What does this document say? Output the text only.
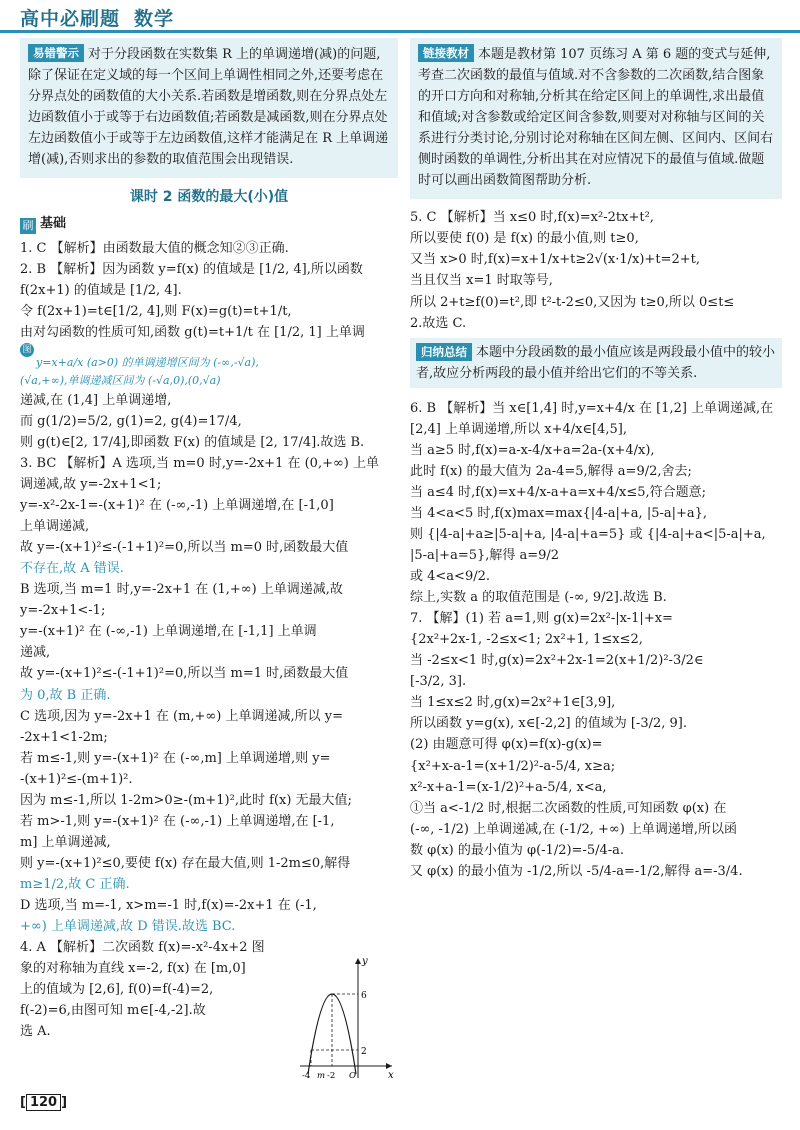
高中必刷题 数学
易错警示 对于分段函数在实数集 R 上的单调递增(减)的问题,除了保证在定义域的每一个区间上单调性相同之外,还要考虑在分界点处的函数值的大小关系.若函数是增函数,则在分界点处左边函数值小于或等于右边函数值;若函数是减函数,则在分界点处左边函数值小于或等于左边函数值,这样才能满足在 R 上单调递增(减),否则求出的参数的取值范围会出现错误.
课时 2 函数的最大(小)值
刷 基础
1. C 【解析】由函数最大值的概念知②③正确.
2. B 【解析】因为函数 y=f(x) 的值域是 [1/2, 4],所以函数
f(2x+1) 的值域是 [1/2, 4].
令 f(2x+1)=t∈[1/2, 4],则 F(x)=g(t)=t+1/t,
由对勾函数的性质可知,函数 g(t)=t+1/t 在 [1/2, 1] 上单调
图解 y=x+a/x (a>0) 的单调递增区间为 (-∞,-√a),
(√a,+∞),单调递减区间为 (-√a,0),(0,√a)
递减,在 (1,4] 上单调递增,
而 g(1/2)=5/2, g(1)=2, g(4)=17/4,
则 g(t)∈[2, 17/4],即函数 F(x) 的值域是 [2, 17/4].故选 B.
3. BC 【解析】A 选项,当 m=0 时,y=-2x+1 在 (0,+∞) 上单
调递减,故 y=-2x+1<1;
y=-x²-2x-1=-(x+1)² 在 (-∞,-1) 上单调递增,在 [-1,0]
上单调递减,
故 y=-(x+1)²≤-(-1+1)²=0,所以当 m=0 时,函数最大值
不存在,故 A 错误.
B 选项,当 m=1 时,y=-2x+1 在 (1,+∞) 上单调递减,故
y=-2x+1<-1;
y=-(x+1)² 在 (-∞,-1) 上单调递增,在 [-1,1] 上单调
递减,
故 y=-(x+1)²≤-(-1+1)²=0,所以当 m=1 时,函数最大值
为 0,故 B 正确.
C 选项,因为 y=-2x+1 在 (m,+∞) 上单调递减,所以 y=
-2x+1<1-2m;
若 m≤-1,则 y=-(x+1)² 在 (-∞,m] 上单调递增,则 y=
-(x+1)²≤-(m+1)².
因为 m≤-1,所以 1-2m>0≥-(m+1)²,此时 f(x) 无最大值;
若 m>-1,则 y=-(x+1)² 在 (-∞,-1) 上单调递增,在 [-1,
m] 上单调递减,
则 y=-(x+1)²≤0,要使 f(x) 存在最大值,则 1-2m≤0,解得
m≥1/2,故 C 正确.
D 选项,当 m=-1, x>m=-1 时,f(x)=-2x+1 在 (-1,
+∞) 上单调递减,故 D 错误.故选 BC.
4. A 【解析】二次函数 f(x)=-x²-4x+2 图
象的对称轴为直线 x=-2, f(x) 在 [m,0]
上的值域为 [2,6], f(0)=f(-4)=2,
f(-2)=6,由图可知 m∈[-4,-2].故
选 A.
y
x
6
2
-4 m -2 O
链接教材 本题是教材第 107 页练习 A 第 6 题的变式与延伸,考查二次函数的最值与值域.对不含参数的二次函数,结合图象的开口方向和对称轴,分析其在给定区间上的单调性,求出最值和值域;对含参数或给定区间含参数,则要对对称轴与区间的关系进行分类讨论,分别讨论对称轴在区间左侧、区间内、区间右侧时函数的单调性,分析出其在对应情况下的最值与值域.做题时可以画出函数简图帮助分析.
5. C 【解析】当 x≤0 时,f(x)=x²-2tx+t²,
所以要使 f(0) 是 f(x) 的最小值,则 t≥0,
又当 x>0 时,f(x)=x+1/x+t≥2√(x·1/x)+t=2+t,
当且仅当 x=1 时取等号,
所以 2+t≥f(0)=t²,即 t²-t-2≤0,又因为 t≥0,所以 0≤t≤
2.故选 C.
归纳总结 本题中分段函数的最小值应该是两段最小值中的较小者,故应分析两段的最小值并给出它们的不等关系.
6. B 【解析】当 x∈[1,4] 时,y=x+4/x 在 [1,2] 上单调递减,在
[2,4] 上单调递增,所以 x+4/x∈[4,5],
当 a≥5 时,f(x)=a-x-4/x+a=2a-(x+4/x),
此时 f(x) 的最大值为 2a-4=5,解得 a=9/2,舍去;
当 a≤4 时,f(x)=x+4/x-a+a=x+4/x≤5,符合题意;
当 4<a<5 时,f(x)max=max{|4-a|+a, |5-a|+a},
则 {|4-a|+a≥|5-a|+a, |4-a|+a=5} 或 {|4-a|+a<|5-a|+a, |5-a|+a=5},解得 a=9/2
或 4<a<9/2.
综上,实数 a 的取值范围是 (-∞, 9/2].故选 B.
7. 【解】(1) 若 a=1,则 g(x)=2x²-|x-1|+x=
{2x²+2x-1, -2≤x<1; 2x²+1, 1≤x≤2,
当 -2≤x<1 时,g(x)=2x²+2x-1=2(x+1/2)²-3/2∈
[-3/2, 3].
当 1≤x≤2 时,g(x)=2x²+1∈[3,9],
所以函数 y=g(x), x∈[-2,2] 的值域为 [-3/2, 9].
(2) 由题意可得 φ(x)=f(x)-g(x)=
{x²+x-a-1=(x+1/2)²-a-5/4, x≥a;
x²-x+a-1=(x-1/2)²+a-5/4, x<a,
①当 a<-1/2 时,根据二次函数的性质,可知函数 φ(x) 在
(-∞, -1/2) 上单调递减,在 (-1/2, +∞) 上单调递增,所以函
数 φ(x) 的最小值为 φ(-1/2)=-5/4-a.
又 φ(x) 的最小值为 -1/2,所以 -5/4-a=-1/2,解得 a=-3/4.
[ 120 ]
